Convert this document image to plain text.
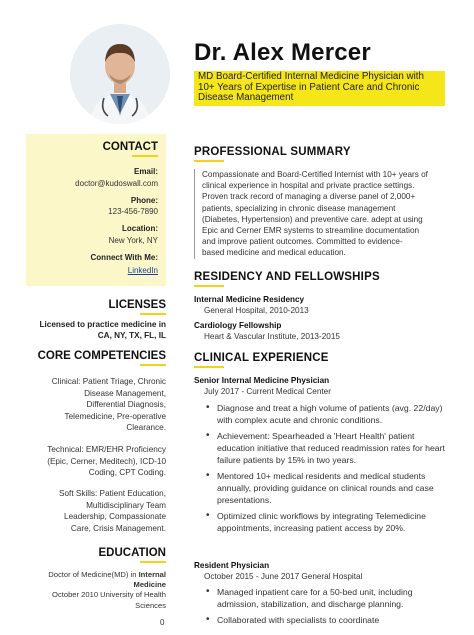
CONTACT
Email:
doctor@kudoswall.com
Phone:
123-456-7890
Location:
New York, NY
Connect With Me:
LinkedIn
LICENSES
Licensed to practice medicine in
CA, NY, TX, FL, IL
CORE COMPETENCIES
Clinical: Patient Triage, Chronic
Disease Management,
Differential Diagnosis,
Telemedicine, Pre-operative
Clearance.
Technical: EMR/EHR Proficiency
(Epic, Cerner, Meditech), ICD-10
Coding, CPT Coding.
Soft Skills: Patient Education,
Multidisciplinary Team
Leadership, Compassionate
Care, Crisis Management.
EDUCATION
Doctor of Medicine(MD) in Internal
Medicine
October 2010 University of Health
Sciences
Dr. Alex Mercer
MD Board-Certified Internal Medicine Physician with 10+ Years of Expertise in Patient Care and Chronic Disease Management
PROFESSIONAL SUMMARY
Compassionate and Board-Certified Internist with 10+ years of
clinical experience in hospital and private practice settings.
Proven track record of managing a diverse panel of 2,000+
patients, specializing in chronic disease management
(Diabetes, Hypertension) and preventive care. adept at using
Epic and Cerner EMR systems to streamline documentation
and improve patient outcomes. Committed to evidence-
based medicine and medical education.
RESIDENCY AND FELLOWSHIPS
Internal Medicine Residency
General Hospital, 2010-2013
Cardiology Fellowship
Heart & Vascular Institute, 2013-2015
CLINICAL EXPERIENCE
Senior Internal Medicine Physician
July 2017 - Current Medical Center
• Diagnose and treat a high volume of patients (avg. 22/day) with complex acute and chronic conditions.
• Achievement: Spearheaded a 'Heart Health' patient education initiative that reduced readmission rates for heart failure patients by 15% in two years.
• Mentored 10+ medical residents and medical students annually, providing guidance on clinical rounds and case presentations.
• Optimized clinic workflows by integrating Telemedicine appointments, increasing patient access by 20%.
Resident Physician
October 2015 - June 2017 General Hospital
• Managed inpatient care for a 50-bed unit, including admission, stabilization, and discharge planning.
• Collaborated with specialists to coordinate
0
